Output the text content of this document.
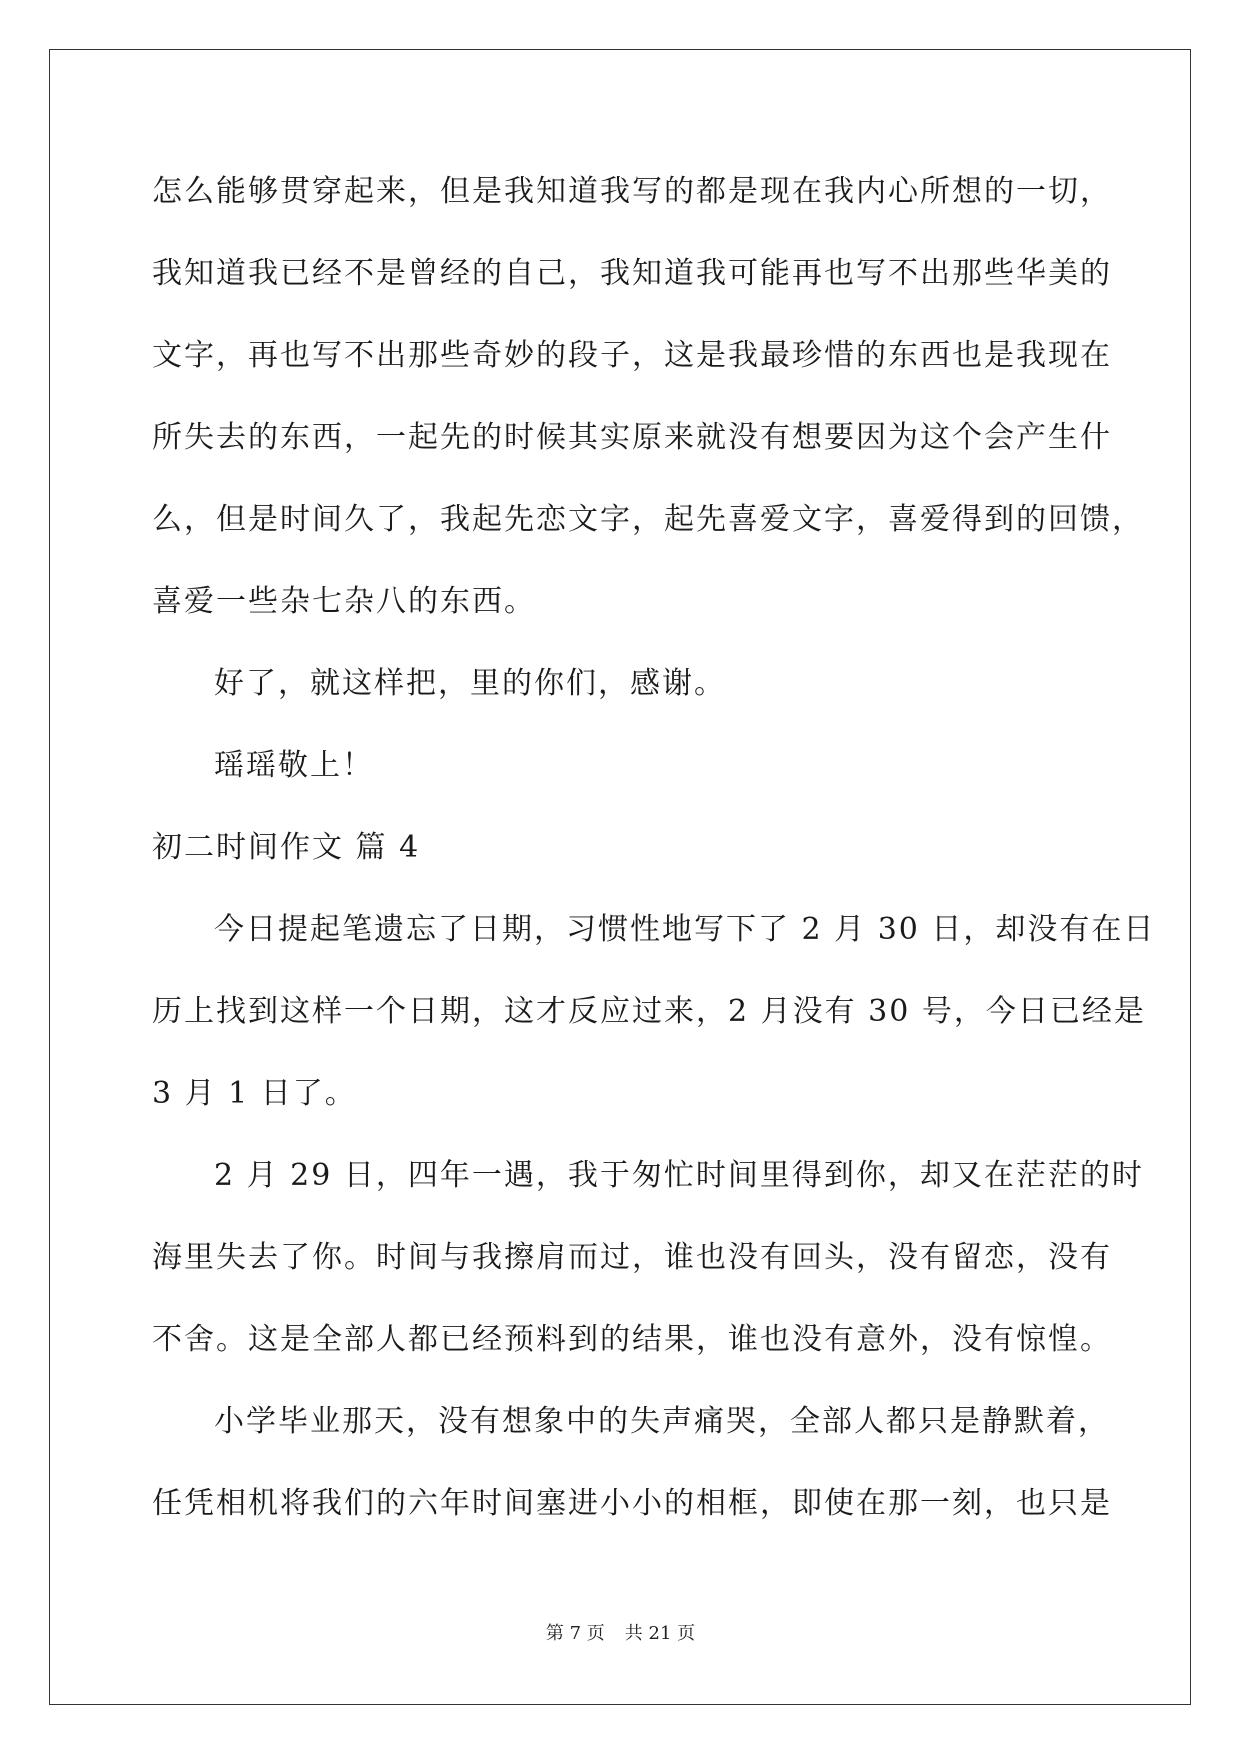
怎么能够贯穿起来，但是我知道我写的都是现在我内心所想的一切，
我知道我已经不是曾经的自己，我知道我可能再也写不出那些华美的
文字，再也写不出那些奇妙的段子，这是我最珍惜的东西也是我现在
所失去的东西，一起先的时候其实原来就没有想要因为这个会产生什
么，但是时间久了，我起先恋文字，起先喜爱文字，喜爱得到的回馈，
喜爱一些杂七杂八的东西。
好了，就这样把，里的你们，感谢。
瑶瑶敬上！
初二时间作文 篇 4
今日提起笔遗忘了日期，习惯性地写下了 2 月 30 日，却没有在日
历上找到这样一个日期，这才反应过来，2 月没有 30 号，今日已经是
3 月 1 日了。
2 月 29 日，四年一遇，我于匆忙时间里得到你，却又在茫茫的时
海里失去了你。时间与我擦肩而过，谁也没有回头，没有留恋，没有
不舍。这是全部人都已经预料到的结果，谁也没有意外，没有惊惶。
小学毕业那天，没有想象中的失声痛哭，全部人都只是静默着，
任凭相机将我们的六年时间塞进小小的相框，即使在那一刻，也只是
第 7 页 共 21 页
